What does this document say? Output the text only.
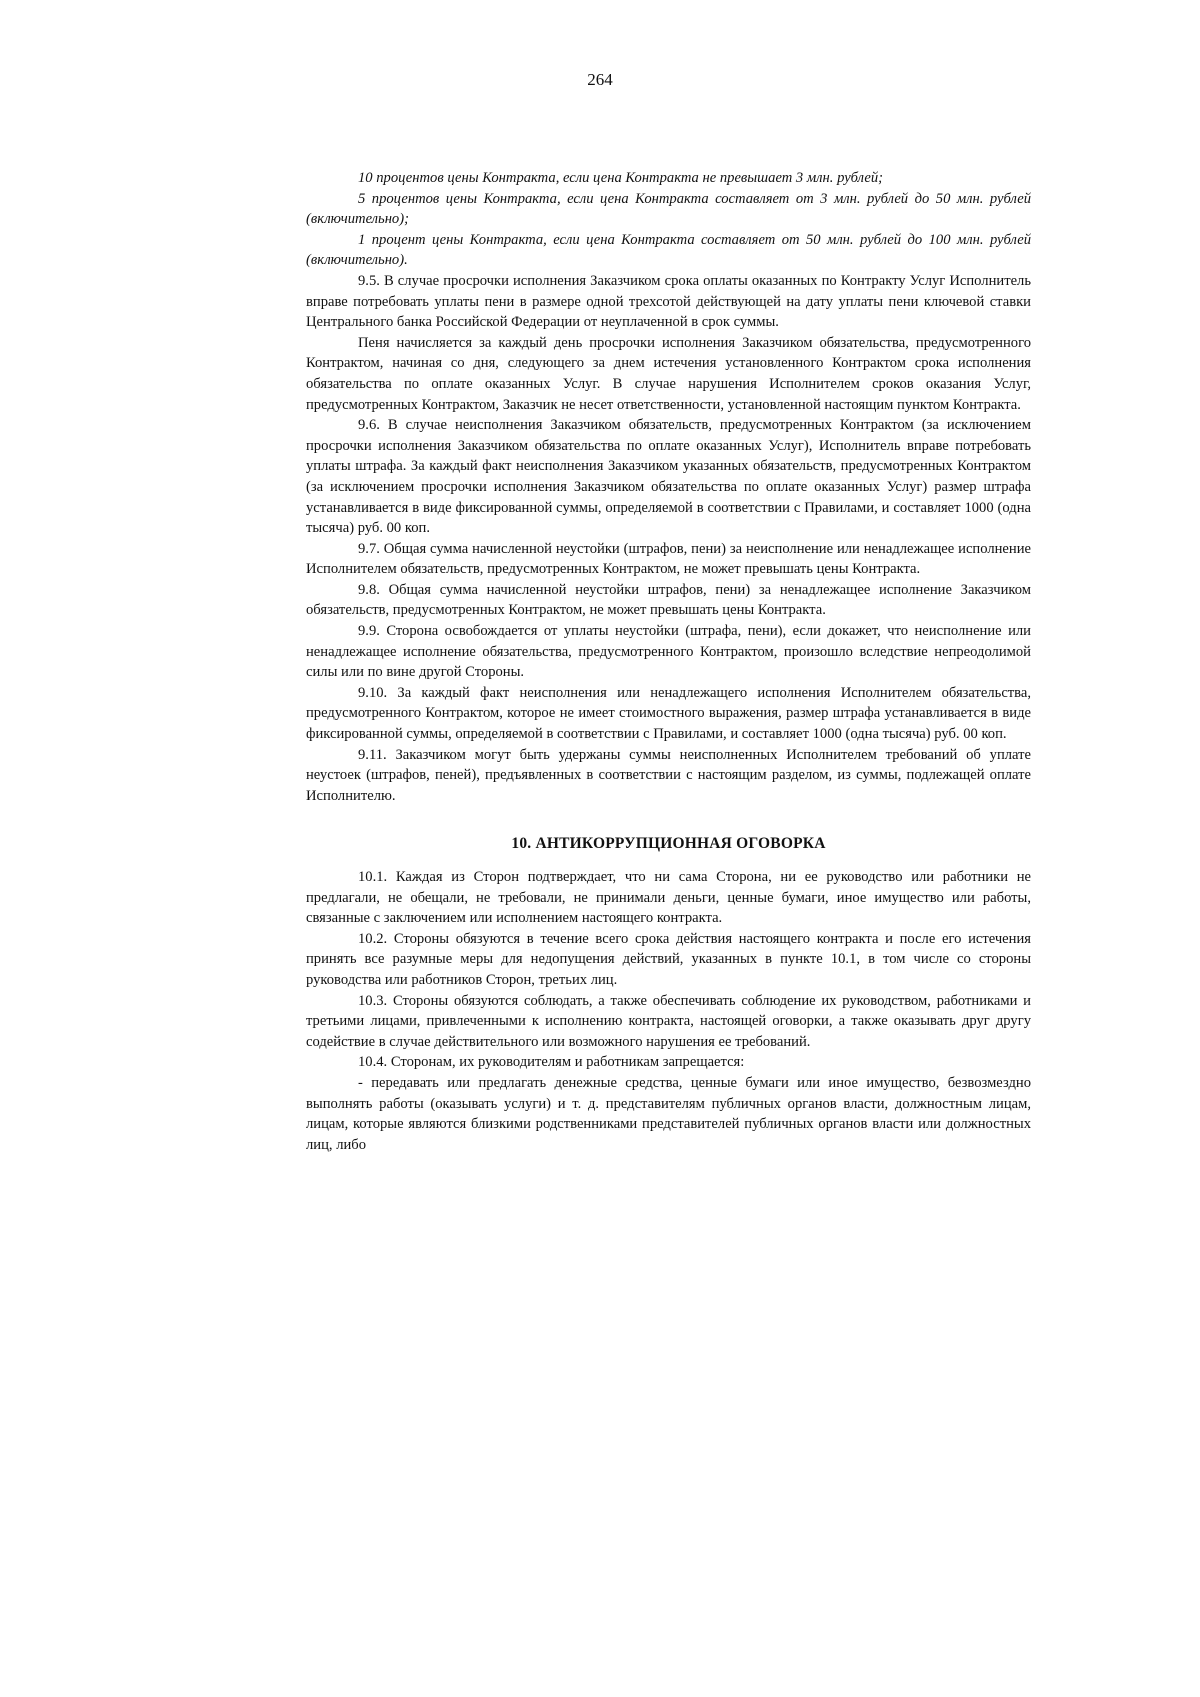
264

10 процентов цены Контракта, если цена Контракта не превышает 3 млн. рублей;

5 процентов цены Контракта, если цена Контракта составляет от 3 млн. рублей до 50 млн. рублей (включительно);

1 процент цены Контракта, если цена Контракта составляет от 50 млн. рублей до 100 млн. рублей (включительно).

9.5. В случае просрочки исполнения Заказчиком срока оплаты оказанных по Контракту Услуг Исполнитель вправе потребовать уплаты пени в размере одной трехсотой действующей на дату уплаты пени ключевой ставки Центрального банка Российской Федерации от неуплаченной в срок суммы.

Пеня начисляется за каждый день просрочки исполнения Заказчиком обязательства, предусмотренного Контрактом, начиная со дня, следующего за днем истечения установленного Контрактом срока исполнения обязательства по оплате оказанных Услуг. В случае нарушения Исполнителем сроков оказания Услуг, предусмотренных Контрактом, Заказчик не несет ответственности, установленной настоящим пунктом Контракта.

9.6. В случае неисполнения Заказчиком обязательств, предусмотренных Контрактом (за исключением просрочки исполнения Заказчиком обязательства по оплате оказанных Услуг), Исполнитель вправе потребовать уплаты штрафа. За каждый факт неисполнения Заказчиком указанных обязательств, предусмотренных Контрактом (за исключением просрочки исполнения Заказчиком обязательства по оплате оказанных Услуг) размер штрафа устанавливается в виде фиксированной суммы, определяемой в соответствии с Правилами, и составляет 1000 (одна тысяча) руб. 00 коп.

9.7. Общая сумма начисленной неустойки (штрафов, пени) за неисполнение или ненадлежащее исполнение Исполнителем обязательств, предусмотренных Контрактом, не может превышать цены Контракта.

9.8. Общая сумма начисленной неустойки штрафов, пени) за ненадлежащее исполнение Заказчиком обязательств, предусмотренных Контрактом, не может превышать цены Контракта.

9.9. Сторона освобождается от уплаты неустойки (штрафа, пени), если докажет, что неисполнение или ненадлежащее исполнение обязательства, предусмотренного Контрактом, произошло вследствие непреодолимой силы или по вине другой Стороны.

9.10. За каждый факт неисполнения или ненадлежащего исполнения Исполнителем обязательства, предусмотренного Контрактом, которое не имеет стоимостного выражения, размер штрафа устанавливается в виде фиксированной суммы, определяемой в соответствии с Правилами, и составляет 1000 (одна тысяча) руб. 00 коп.

9.11. Заказчиком могут быть удержаны суммы неисполненных Исполнителем требований об уплате неустоек (штрафов, пеней), предъявленных в соответствии с настоящим разделом, из суммы, подлежащей оплате Исполнителю.

10. АНТИКОРРУПЦИОННАЯ ОГОВОРКА

10.1. Каждая из Сторон подтверждает, что ни сама Сторона, ни ее руководство или работники не предлагали, не обещали, не требовали, не принимали деньги, ценные бумаги, иное имущество или работы, связанные с заключением или исполнением настоящего контракта.

10.2. Стороны обязуются в течение всего срока действия настоящего контракта и после его истечения принять все разумные меры для недопущения действий, указанных в пункте 10.1, в том числе со стороны руководства или работников Сторон, третьих лиц.

10.3. Стороны обязуются соблюдать, а также обеспечивать соблюдение их руководством, работниками и третьими лицами, привлеченными к исполнению контракта, настоящей оговорки, а также оказывать друг другу содействие в случае действительного или возможного нарушения ее требований.

10.4. Сторонам, их руководителям и работникам запрещается:

- передавать или предлагать денежные средства, ценные бумаги или иное имущество, безвозмездно выполнять работы (оказывать услуги) и т. д. представителям публичных органов власти, должностным лицам, лицам, которые являются близкими родственниками представителей публичных органов власти или должностных лиц, либо
